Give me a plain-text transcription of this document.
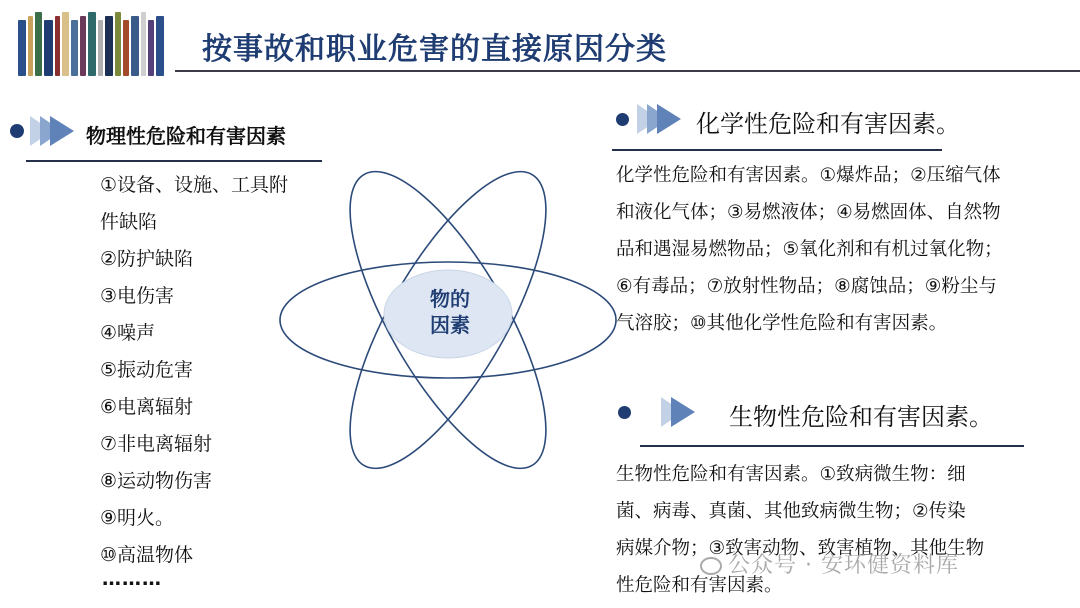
按事故和职业危害的直接原因分类
物理性危险和有害因素
①设备、设施、工具附
件缺陷
②防护缺陷
③电伤害
④噪声
⑤振动危害
⑥电离辐射
⑦非电离辐射
⑧运动物伤害
⑨明火。
⑩高温物体
………
物的
因素
化学性危险和有害因素。
化学性危险和有害因素。①爆炸品；②压缩气体
和液化气体；③易燃液体；④易燃固体、自然物
品和遇湿易燃物品；⑤氧化剂和有机过氧化物；
⑥有毒品；⑦放射性物品；⑧腐蚀品；⑨粉尘与
气溶胶；⑩其他化学性危险和有害因素。
生物性危险和有害因素。
生物性危险和有害因素。①致病微生物：细
菌、病毒、真菌、其他致病微生物；②传染
病媒介物；③致害动物、致害植物、其他生物
性危险和有害因素。
公众号 · 安环健资料库
